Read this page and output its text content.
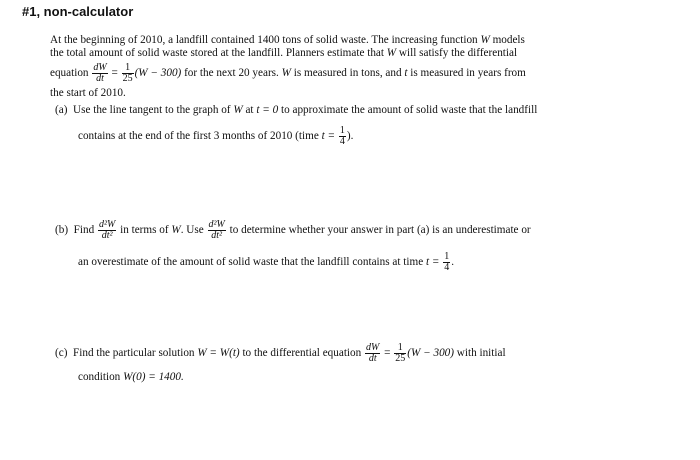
#1, non-calculator
At the beginning of 2010, a landfill contained 1400 tons of solid waste. The increasing function W models
the total amount of solid waste stored at the landfill. Planners estimate that W will satisfy the differential
equation $\frac{dW}{dt} = \frac{1}{25} (W - 300)$ for the next 20 years. W is measured in tons, and t is measured in years from
the start of 2010.
(a) Use the line tangent to the graph of W at t = 0 to approximate the amount of solid waste that the landfill
contains at the end of the first 3 months of 2010 (time $t = \frac{1}{4}$ ).
(b) Find $\frac{\text{d²W}}{\text{dt²}}$ in terms of W. Use $\frac{\text{d²W}}{\text{dt²}}$ to determine whether your answer in part (a) is an underestimate or
an overestimate of the amount of solid waste that the landfill contains at time $t = \frac{1}{4}$ .
(c) Find the particular solution W = W(t) to the differential equation $\frac{dW}{dt} = \frac{1}{25} (W - 300)$ with initial
condition W(0) = 1400.
